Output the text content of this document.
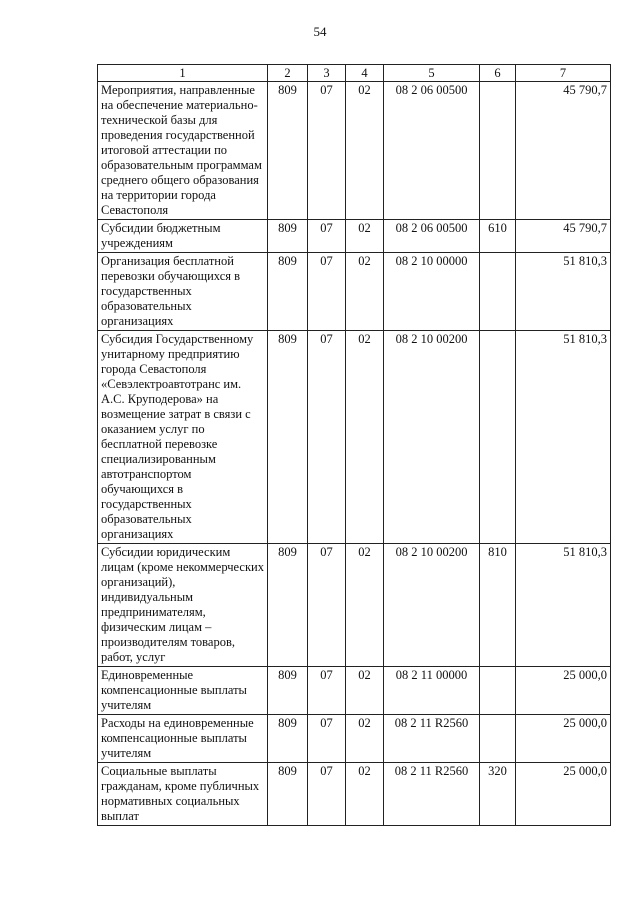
54
1	2	3	4	5	6	7
Мероприятия, направленные на обеспечение материально-технической базы для проведения государственной итоговой аттестации по образовательным программам среднего общего образования на территории города Севастополя	809	07	02	08 2 06 00500		45 790,7
Субсидии бюджетным учреждениям	809	07	02	08 2 06 00500	610	45 790,7
Организация бесплатной перевозки обучающихся в государственных образовательных организациях	809	07	02	08 2 10 00000		51 810,3
Субсидия Государственному унитарному предприятию города Севастополя «Севэлектроавтотранс им. А.С. Круподерова» на возмещение затрат в связи с оказанием услуг по бесплатной перевозке специализированным автотранспортом обучающихся в государственных образовательных организациях	809	07	02	08 2 10 00200		51 810,3
Субсидии юридическим лицам (кроме некоммерческих организаций), индивидуальным предпринимателям, физическим лицам – производителям товаров, работ, услуг	809	07	02	08 2 10 00200	810	51 810,3
Единовременные компенсационные выплаты учителям	809	07	02	08 2 11 00000		25 000,0
Расходы на единовременные компенсационные выплаты учителям	809	07	02	08 2 11 R2560		25 000,0
Социальные выплаты гражданам, кроме публичных нормативных социальных выплат	809	07	02	08 2 11 R2560	320	25 000,0
